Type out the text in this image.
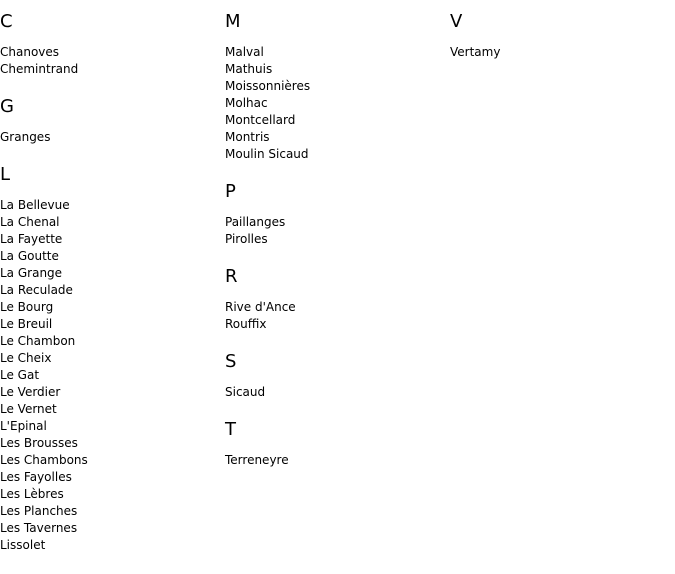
C
Chanoves
Chemintrand
G
Granges
L
La Bellevue
La Chenal
La Fayette
La Goutte
La Grange
La Reculade
Le Bourg
Le Breuil
Le Chambon
Le Cheix
Le Gat
Le Verdier
Le Vernet
L'Epinal
Les Brousses
Les Chambons
Les Fayolles
Les Lèbres
Les Planches
Les Tavernes
Lissolet
M
Malval
Mathuis
Moissonnières
Molhac
Montcellard
Montris
Moulin Sicaud
P
Paillanges
Pirolles
R
Rive d'Ance
Rouffix
S
Sicaud
T
Terreneyre
V
Vertamy
